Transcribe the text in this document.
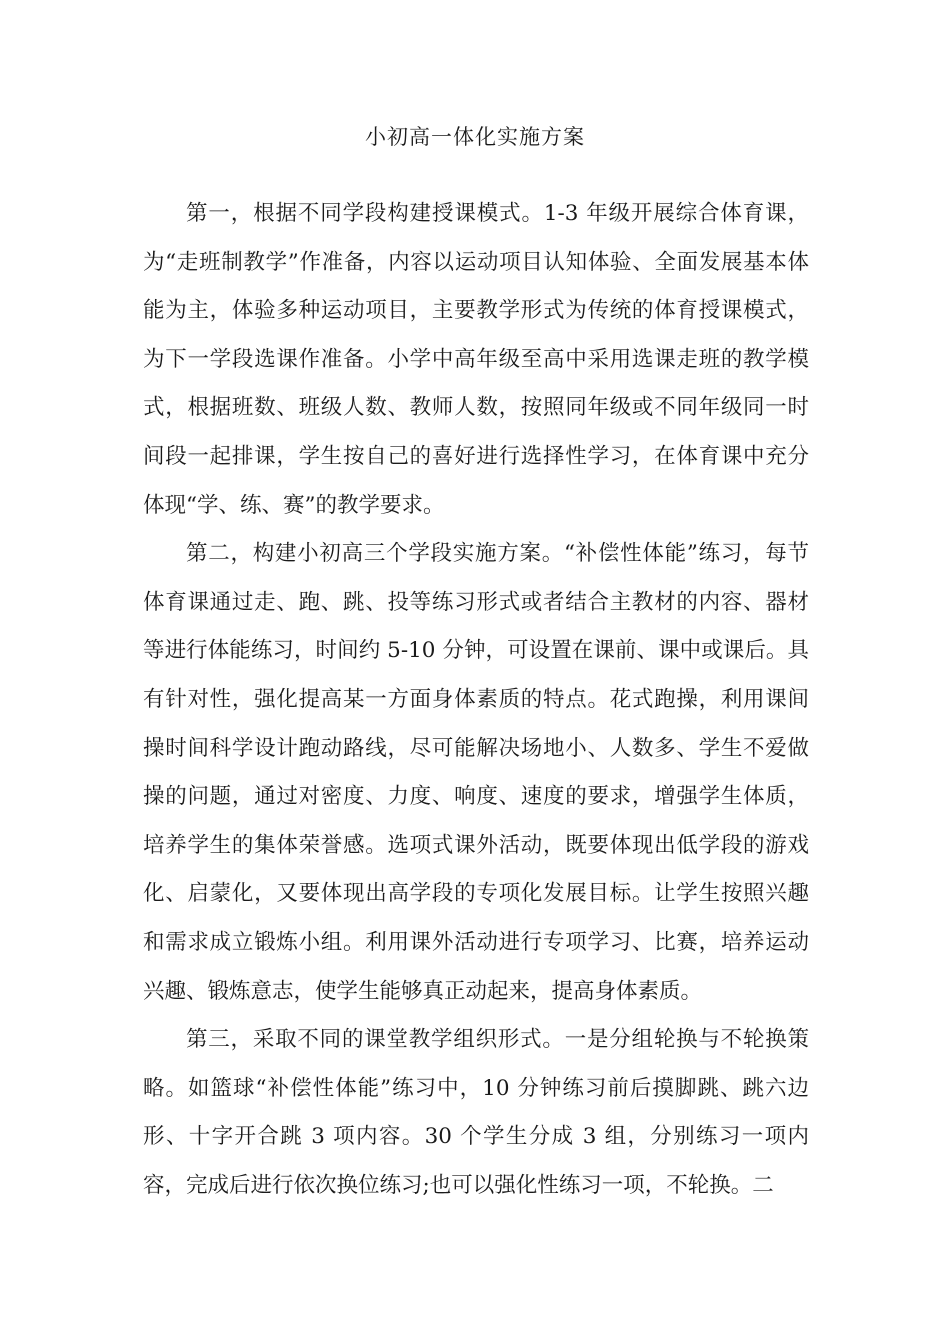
小初高一体化实施方案

第一，根据不同学段构建授课模式。1-3 年级开展综合体育课，为“走班制教学”作准备，内容以运动项目认知体验、全面发展基本体能为主，体验多种运动项目，主要教学形式为传统的体育授课模式，为下一学段选课作准备。小学中高年级至高中采用选课走班的教学模式，根据班数、班级人数、教师人数，按照同年级或不同年级同一时间段一起排课，学生按自己的喜好进行选择性学习，在体育课中充分体现“学、练、赛”的教学要求。

第二，构建小初高三个学段实施方案。“补偿性体能”练习，每节体育课通过走、跑、跳、投等练习形式或者结合主教材的内容、器材等进行体能练习，时间约 5-10 分钟，可设置在课前、课中或课后。具有针对性，强化提高某一方面身体素质的特点。花式跑操，利用课间操时间科学设计跑动路线，尽可能解决场地小、人数多、学生不爱做操的问题，通过对密度、力度、响度、速度的要求，增强学生体质，培养学生的集体荣誉感。选项式课外活动，既要体现出低学段的游戏化、启蒙化，又要体现出高学段的专项化发展目标。让学生按照兴趣和需求成立锻炼小组。利用课外活动进行专项学习、比赛，培养运动兴趣、锻炼意志，使学生能够真正动起来，提高身体素质。

第三，采取不同的课堂教学组织形式。一是分组轮换与不轮换策略。如篮球“补偿性体能”练习中，10 分钟练习前后摸脚跳、跳六边形、十字开合跳 3 项内容。30 个学生分成 3 组，分别练习一项内容，完成后进行依次换位练习;也可以强化性练习一项，不轮换。二
